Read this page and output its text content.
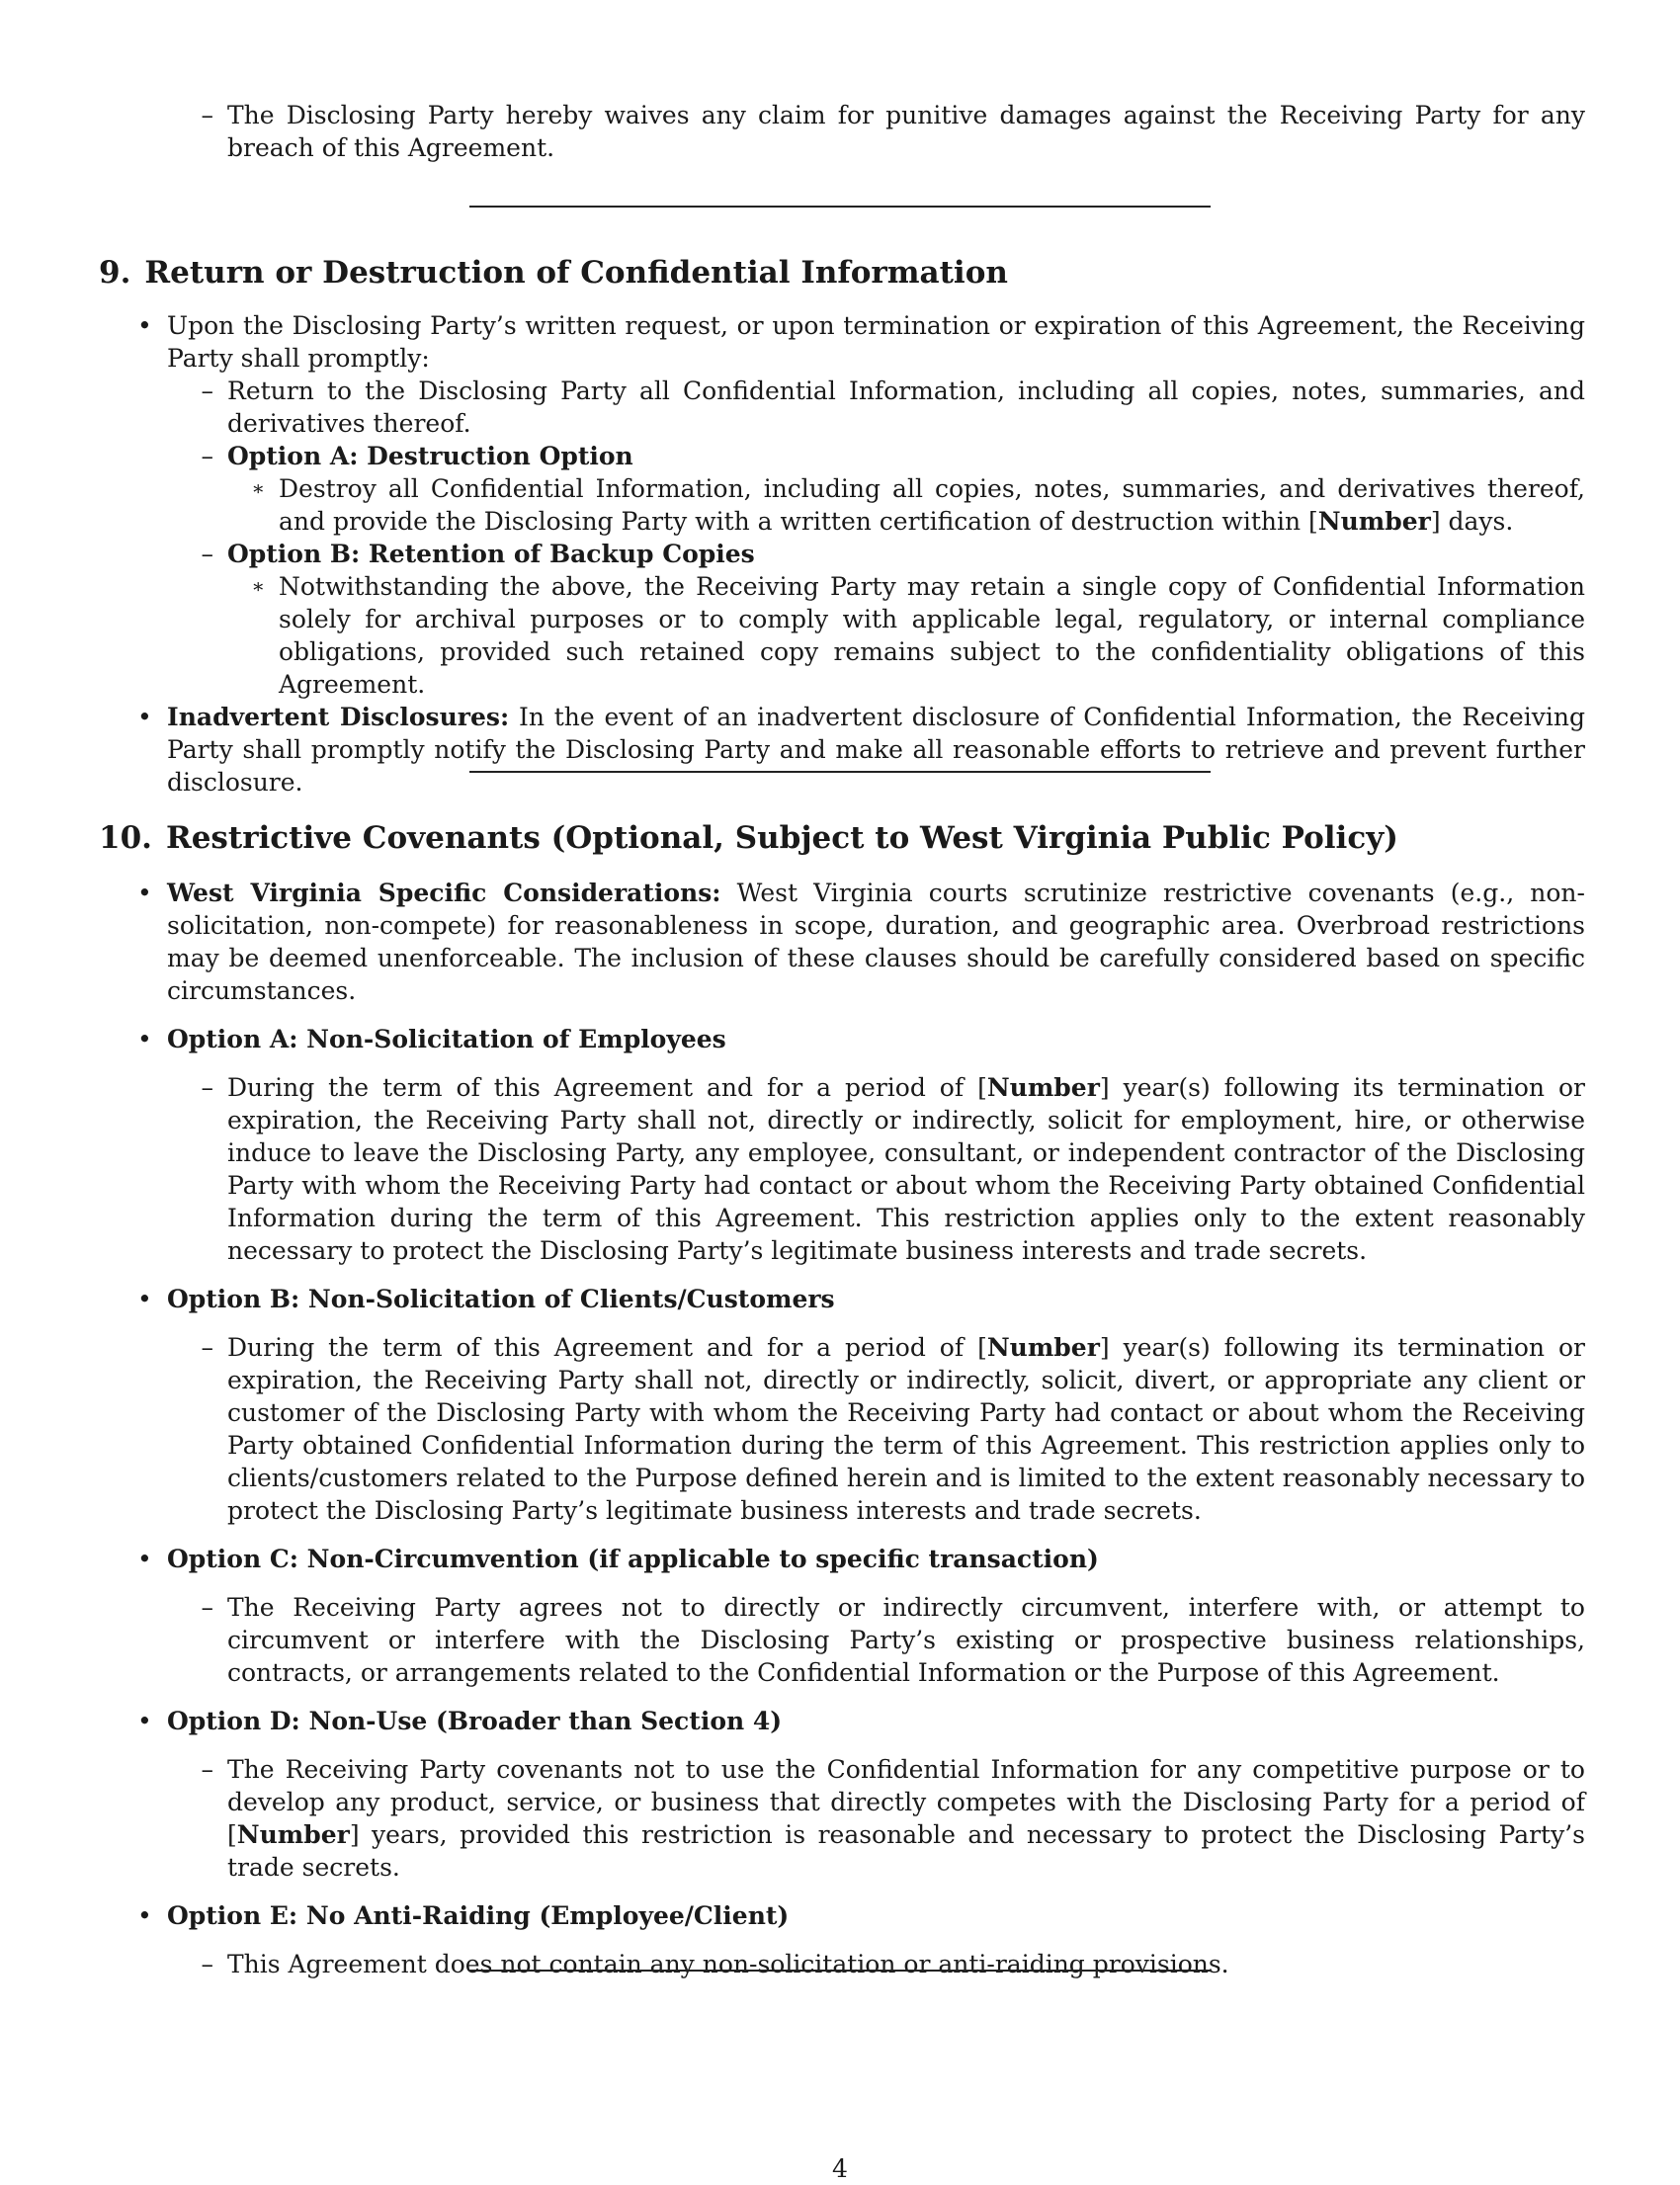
– The Disclosing Party hereby waives any claim for punitive damages against the Receiving Party for any breach of this Agreement.
9. Return or Destruction of Confidential Information
• Upon the Disclosing Party’s written request, or upon termination or expiration of this Agreement, the Receiving Party shall promptly:
– Return to the Disclosing Party all Confidential Information, including all copies, notes, summaries, and derivatives thereof.
– Option A: Destruction Option
∗ Destroy all Confidential Information, including all copies, notes, summaries, and derivatives thereof, and provide the Disclosing Party with a written certification of destruction within [Number] days.
– Option B: Retention of Backup Copies
∗ Notwithstanding the above, the Receiving Party may retain a single copy of Confidential Information solely for archival purposes or to comply with applicable legal, regulatory, or internal compliance obligations, provided such retained copy remains subject to the confidentiality obligations of this Agreement.
• Inadvertent Disclosures: In the event of an inadvertent disclosure of Confidential Information, the Receiving Party shall promptly notify the Disclosing Party and make all reasonable efforts to retrieve and prevent further disclosure.
10. Restrictive Covenants (Optional, Subject to West Virginia Public Policy)
• West Virginia Specific Considerations: West Virginia courts scrutinize restrictive covenants (e.g., non-solicitation, non-compete) for reasonableness in scope, duration, and geographic area. Overbroad restrictions may be deemed unenforceable. The inclusion of these clauses should be carefully considered based on specific circumstances.
• Option A: Non-Solicitation of Employees
– During the term of this Agreement and for a period of [Number] year(s) following its termination or expiration, the Receiving Party shall not, directly or indirectly, solicit for employment, hire, or otherwise induce to leave the Disclosing Party, any employee, consultant, or independent contractor of the Disclosing Party with whom the Receiving Party had contact or about whom the Receiving Party obtained Confidential Information during the term of this Agreement. This restriction applies only to the extent reasonably necessary to protect the Disclosing Party’s legitimate business interests and trade secrets.
• Option B: Non-Solicitation of Clients/Customers
– During the term of this Agreement and for a period of [Number] year(s) following its termination or expiration, the Receiving Party shall not, directly or indirectly, solicit, divert, or appropriate any client or customer of the Disclosing Party with whom the Receiving Party had contact or about whom the Receiving Party obtained Confidential Information during the term of this Agreement. This restriction applies only to clients/customers related to the Purpose defined herein and is limited to the extent reasonably necessary to protect the Disclosing Party’s legitimate business interests and trade secrets.
• Option C: Non-Circumvention (if applicable to specific transaction)
– The Receiving Party agrees not to directly or indirectly circumvent, interfere with, or attempt to circumvent or interfere with the Disclosing Party’s existing or prospective business relationships, contracts, or arrangements related to the Confidential Information or the Purpose of this Agreement.
• Option D: Non-Use (Broader than Section 4)
– The Receiving Party covenants not to use the Confidential Information for any competitive purpose or to develop any product, service, or business that directly competes with the Disclosing Party for a period of [Number] years, provided this restriction is reasonable and necessary to protect the Disclosing Party’s trade secrets.
• Option E: No Anti-Raiding (Employee/Client)
– This Agreement does not contain any non-solicitation or anti-raiding provisions.
4
